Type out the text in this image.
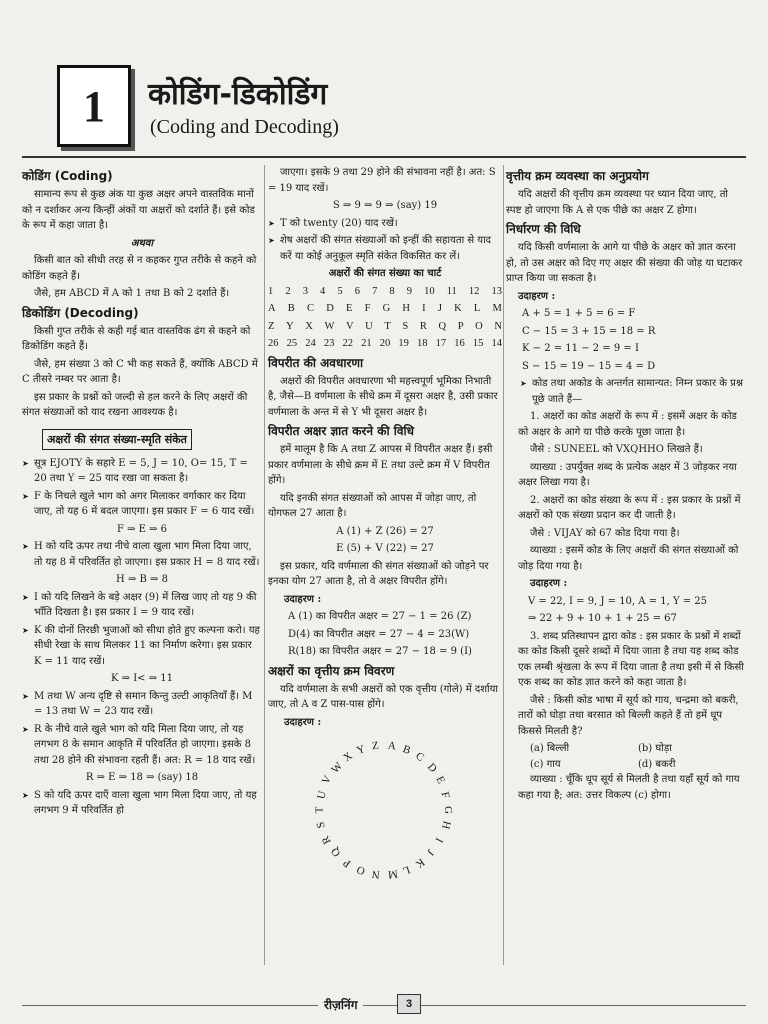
1 कोडिंग-डिकोडिंग
(Coding and Decoding)
कोडिंग (Coding)

सामान्य रूप से कुछ अंक या कुछ अक्षर अपने वास्तविक मानों को न दर्शाकर अन्य किन्हीं अंकों या अक्षरों को दर्शाते हैं। इसे कोड के रूप में कहा जाता है।

अथवा

किसी बात को सीधी तरह से न कहकर गुप्त तरीके से कहने को कोडिंग कहते हैं।

जैसे, हम ABCD में A को 1 तथा B को 2 दर्शाते हैं।

डिकोडिंग (Decoding)

किसी गुप्त तरीके से कही गई बात वास्तविक ढंग से कहने को डिकोडिंग कहते हैं।

जैसे, हम संख्या 3 को C भी कह सकते हैं, क्योंकि ABCD में C तीसरे नम्बर पर आता है।

इस प्रकार के प्रश्नों को जल्दी से हल करने के लिए अक्षरों की संगत संख्याओं को याद रखना आवश्यक है।

अक्षरों की संगत संख्या-स्मृति संकेत
➤ सूत्र EJOTY के सहारे E = 5, J = 10, O= 15, T = 20 तथा Y = 25 याद रखा जा सकता है।
➤ F के निचले खुले भाग को अगर मिलाकर वर्गाकार कर दिया जाए, तो यह 6 में बदल जाएगा। इस प्रकार F = 6 याद रखें।

F ⇒ E ⇒ 6

➤ H को यदि ऊपर तथा नीचे वाला खुला भाग मिला दिया जाए, तो यह 8 में परिवर्तित हो जाएगा। इस प्रकार H = 8 याद रखें।

H ⇒ B ⇒ 8

➤ I को यदि लिखने के बड़े अक्षर (9) में लिख जाए तो यह 9 की भाँति दिखता है। इस प्रकार I = 9 याद रखें।
➤ K की दोनों तिरछी भुजाओं को सीधा होते हुए कल्पना करो। यह सीधी रेखा के साथ मिलकर 11 का निर्माण करेगा। इस प्रकार K = 11 याद रखें।

K ⇒ I< ⇒ 11

➤ M तथा W अन्य दृष्टि से समान किन्तु उल्टी आकृतियाँ हैं। M = 13 तथा W = 23 याद रखें।
➤ R के नीचे वाले खुले भाग को यदि मिला दिया जाए, तो यह लगभग 8 के समान आकृति में परिवर्तित हो जाएगा। इसके 8 तथा 28 होने की संभावना रहती हैं। अत: R = 18 याद रखें।

R ⇒ E ⇒ 18 ⇒ (say) 18

➤ S को यदि ऊपर दाएँ वाला खुला भाग मिला दिया जाए, तो यह लगभग 9 में परिवर्तित हो

जाएगा। इसके 9 तथा 29 होने की संभावना नहीं है। अत: S = 19 याद रखें।

S ⇒ 9 ⇒ 9 ⇒ (say) 19

➤ T को twenty (20) याद रखें।
➤ शेष अक्षरों की संगत संख्याओं को इन्हीं की सहायता से याद करें या कोई अनुकूल स्मृति संकेत विकसित कर लें।

अक्षरों की संगत संख्या का चार्ट

1 2 3 4 5 6 7 8 9 10 11 12 13
A B C D E F G H I J K L M
Z Y X W V U T S R Q P O N
26 25 24 23 22 21 20 19 18 17 16 15 14
विपरीत की अवधारणा

अक्षरों की विपरीत अवधारणा भी महत्त्वपूर्ण भूमिका निभाती है, जैसे—B वर्णमाला के सीधे क्रम में दूसरा अक्षर है, उसी प्रकार वर्णमाला के अन्त में से Y भी दूसरा अक्षर है।

विपरीत अक्षर ज्ञात करने की विधि

हमें मालूम है कि A तथा Z आपस में विपरीत अक्षर हैं। इसी प्रकार वर्णमाला के सीधे क्रम में E तथा उल्टे क्रम में V विपरीत होंगे।

यदि इनकी संगत संख्याओं को आपस में जोड़ा जाए, तो योगफल 27 आता है।

A (1) + Z (26) = 27

E (5) + V (22) = 27

इस प्रकार, यदि वर्णमाला की संगत संख्याओं को जोड़ने पर इनका योग 27 आता है, तो वे अक्षर विपरीत होंगे।

उदाहरण :

A (1) का विपरीत अक्षर = 27 − 1 = 26 (Z)

D(4) का विपरीत अक्षर = 27 − 4 = 23(W)

R(18) का विपरीत अक्षर = 27 − 18 = 9 (I)

अक्षरों का वृत्तीय क्रम विवरण

यदि वर्णमाला के सभी अक्षरों को एक वृत्तीय (गोले) में दर्शाया जाए, तो A व Z पास-पास होंगे।

उदाहरण :

A B
C
D
E
F
G
H
I
J
K
L
M
N
O
P
Q
R
S
T
U
V
W
X Y Z
वृत्तीय क्रम व्यवस्था का अनुप्रयोग

यदि अक्षरों की वृत्तीय क्रम व्यवस्था पर ध्यान दिया जाए, तो स्पष्ट हो जाएगा कि A से एक पीछे का अक्षर Z होगा।

निर्धारण की विधि

यदि किसी वर्णमाला के आगे या पीछे के अक्षर को ज्ञात करना हो, तो उस अक्षर को दिए गए अक्षर की संख्या की जोड़ या घटाकर प्राप्त किया जा सकता है।

उदाहरण :

A + 5 = 1 + 5 = 6 = F

C − 15 = 3 + 15 = 18 = R

K − 2 = 11 − 2 = 9 = I

S − 15 = 19 − 15 = 4 = D

➤ कोड तथा अकोड के अन्तर्गत सामान्यत: निम्न प्रकार के प्रश्न पूछे जाते हैं—

1. अक्षरों का कोड अक्षरों के रूप में : इसमें अक्षर के कोड को अक्षर के आगे या पीछे करके पूछा जाता है।

जैसे : SUNEEL को VXQHHO लिखते हैं।

व्याख्या : उपर्युक्त शब्द के प्रत्येक अक्षर में 3 जोड़कर नया अक्षर लिखा गया है।

2. अक्षरों का कोड संख्या के रूप में : इस प्रकार के प्रश्नों में अक्षरों को एक संख्या प्रदान कर दी जाती है।

जैसे : VIJAY को 67 कोड दिया गया है।

व्याख्या : इसमें कोड के लिए अक्षरों की संगत संख्याओं को जोड़ दिया गया है।

उदाहरण :

V = 22, I = 9, J = 10, A = 1, Y = 25

⇒ 22 + 9 + 10 + 1 + 25 = 67

3. शब्द प्रतिस्थापन द्वारा कोड : इस प्रकार के प्रश्नों में शब्दों का कोड किसी दूसरे शब्दों में दिया जाता है तथा यह शब्द कोड एक लम्बी श्रृंखला के रूप में दिया जाता है तथा इसी में से किसी एक शब्द का कोड ज्ञात करने को कहा जाता है।

जैसे : किसी कोड भाषा में सूर्य को गाय, चन्द्रमा को बकरी, तारों को घोड़ा तथा बरसात को बिल्ली कहते हैं तो हमें धूप किससे मिलती है?

(a) बिल्ली	(b) घोड़ा
(c) गाय	(d) बकरी

व्याख्या : चूँकि धूप सूर्य से मिलती है तथा यहाँ सूर्य को गाय कहा गया है; अत: उत्तर विकल्प (c) होगा।

रीज़निंग	3
